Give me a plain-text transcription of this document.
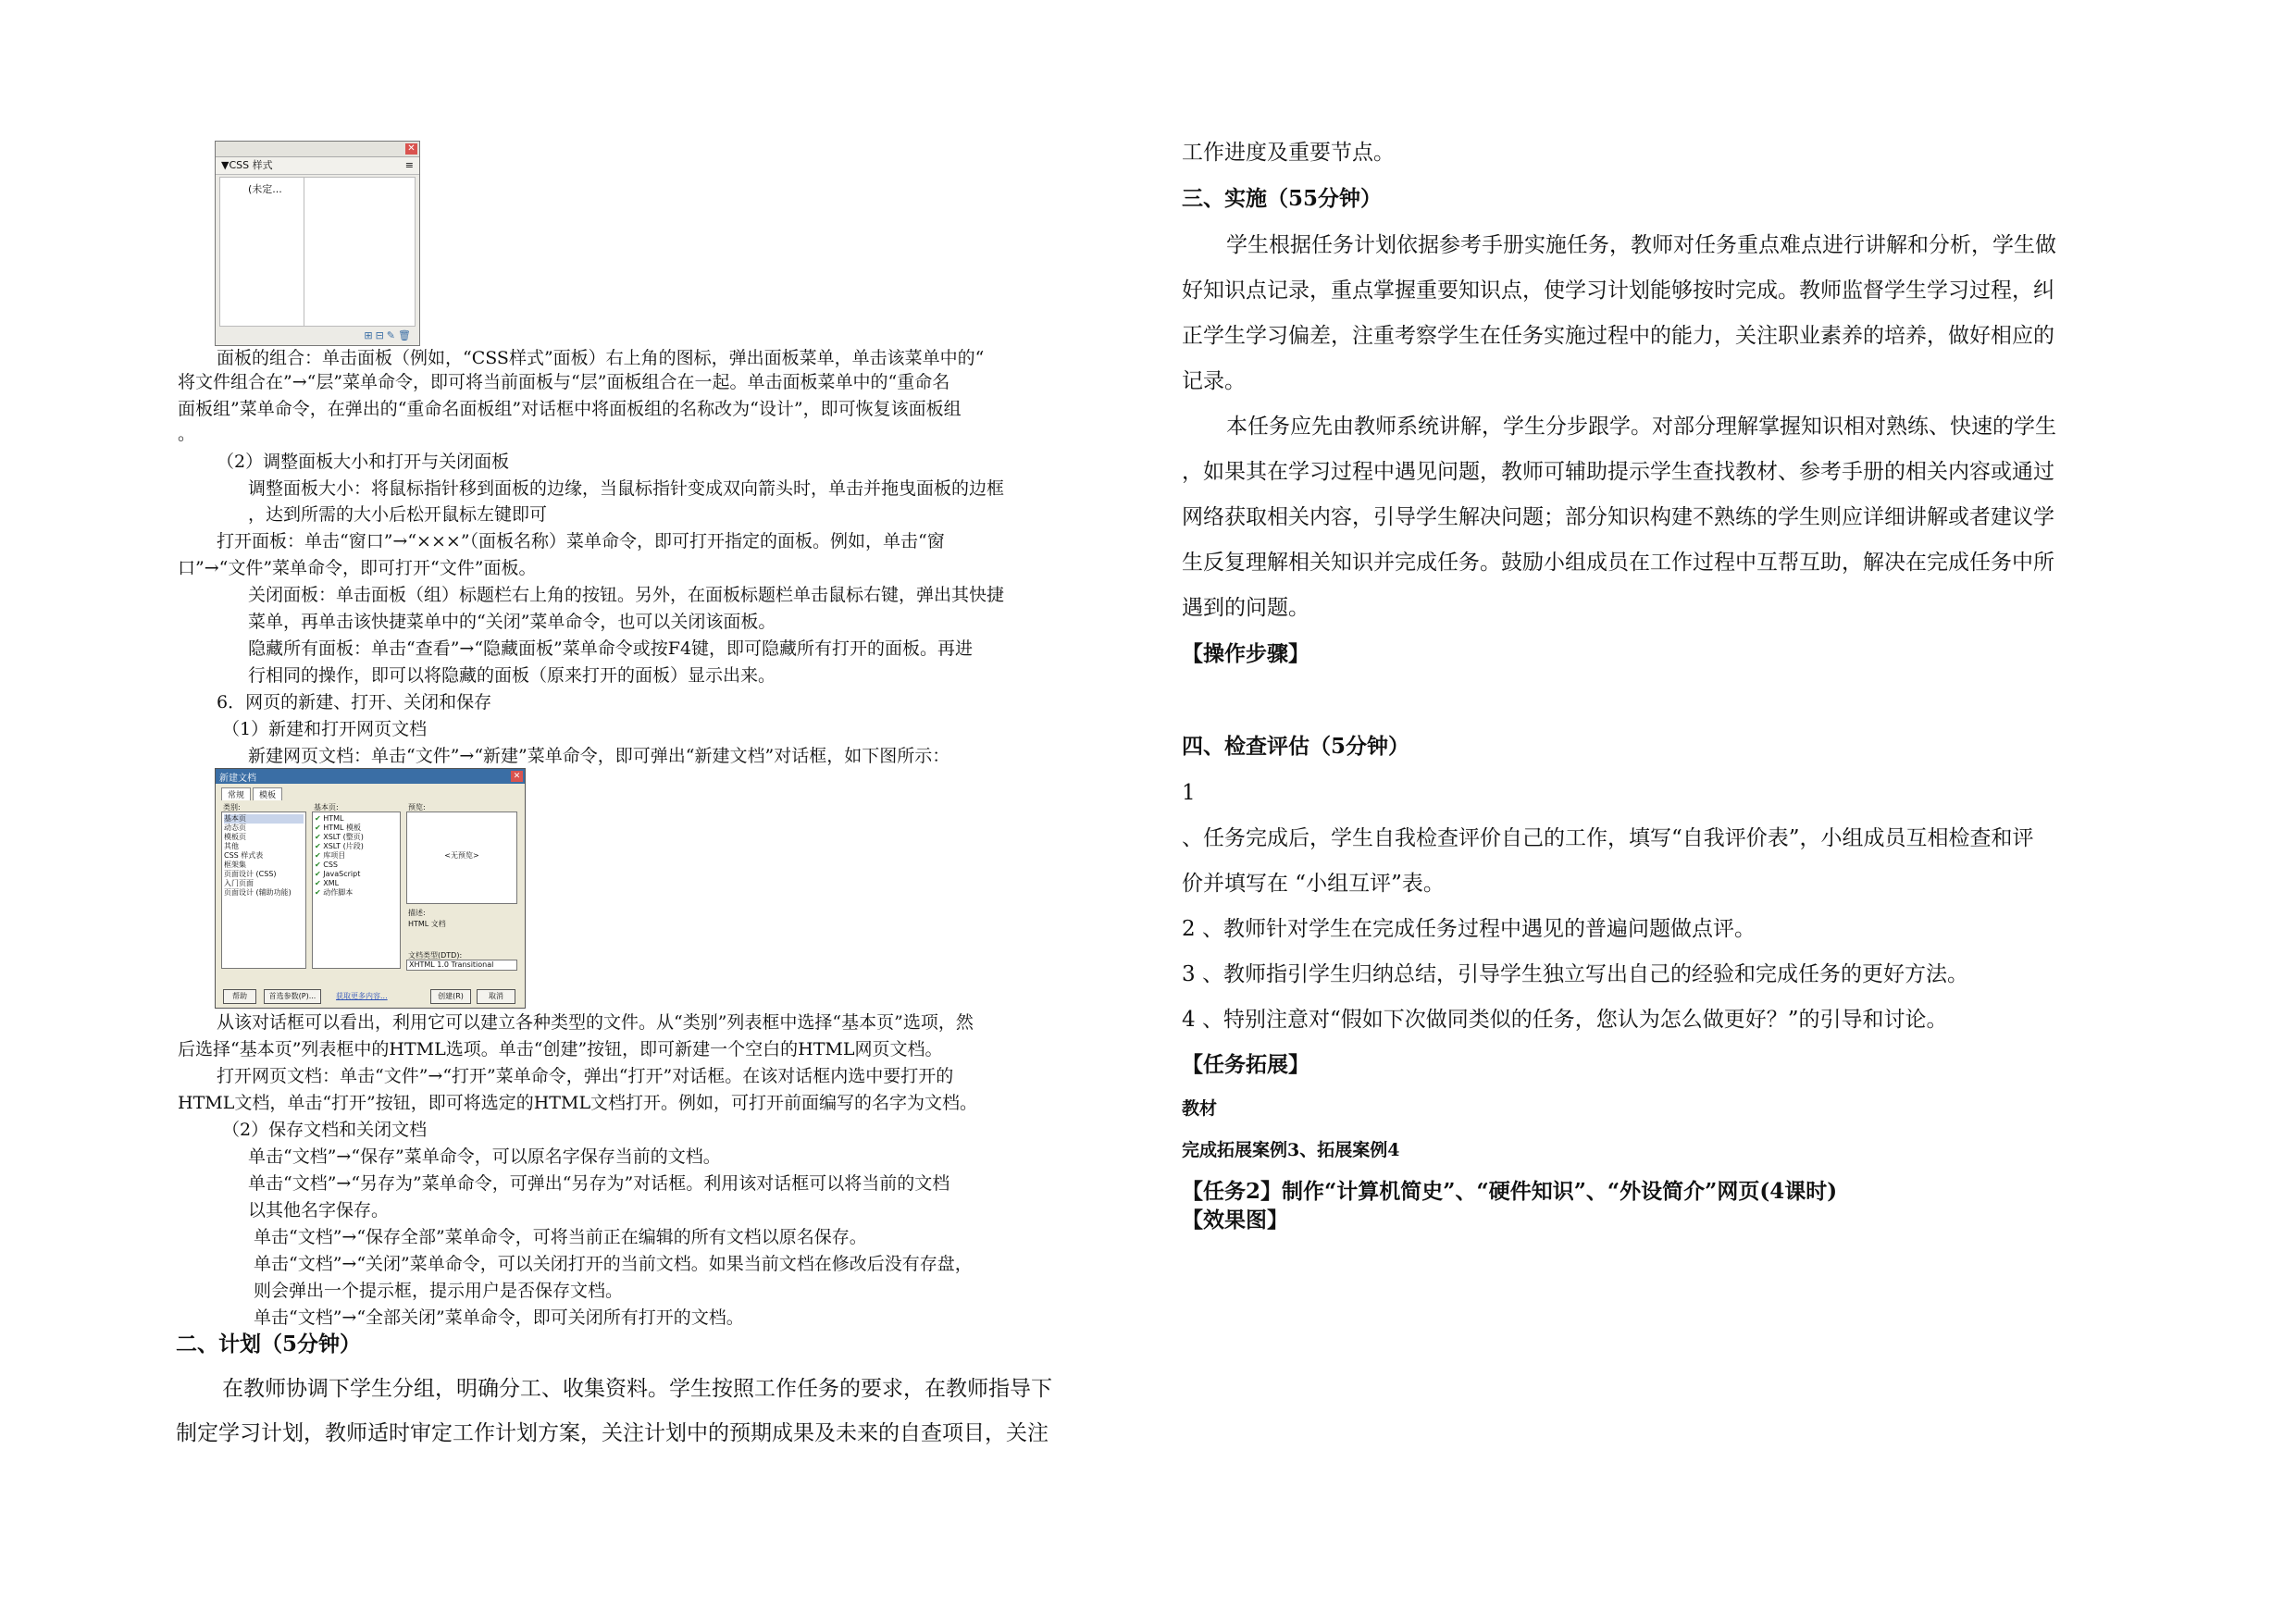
✕
▼CSS 样式	≡
(未定...
⊞⊟✎🗑
面板的组合：单击面板（例如，“CSS样式”面板）右上角的图标，弹出面板菜单，单击该菜单中的“
将文件组合在”→“层”菜单命令，即可将当前面板与“层”面板组合在一起。单击面板菜单中的“重命名
面板组”菜单命令，在弹出的“重命名面板组”对话框中将面板组的名称改为“设计”，即可恢复该面板组
。
（2）调整面板大小和打开与关闭面板
调整面板大小：将鼠标指针移到面板的边缘，当鼠标指针变成双向箭头时，单击并拖曳面板的边框
，达到所需的大小后松开鼠标左键即可
打开面板：单击“窗口”→“×××”（面板名称）菜单命令，即可打开指定的面板。例如，单击“窗
口”→“文件”菜单命令，即可打开“文件”面板。
关闭面板：单击面板（组）标题栏右上角的按钮。另外，在面板标题栏单击鼠标右键，弹出其快捷
菜单，再单击该快捷菜单中的“关闭”菜单命令，也可以关闭该面板。
隐藏所有面板：单击“查看”→“隐藏面板”菜单命令或按F4键，即可隐藏所有打开的面板。再进
行相同的操作，即可以将隐藏的面板（原来打开的面板）显示出来。
6．网页的新建、打开、关闭和保存
（1）新建和打开网页文档
新建网页文档：单击“文件”→“新建”菜单命令，即可弹出“新建文档”对话框，如下图所示：
新建文档	✕
常规 模板
类别:
基本页
动态页
模板页
其他
CSS 样式表
框架集
页面设计 (CSS)
入门页面
页面设计 (辅助功能)
基本页:
✔ HTML
✔ HTML 模板
✔ XSLT (整页)
✔ XSLT (片段)
✔ 库项目
✔ CSS
✔ JavaScript
✔ XML
✔ 动作脚本
预览:
<无预览>
描述:
HTML 文档
文档类型(DTD):
XHTML 1.0 Transitional
帮助	首选参数(P)...	获取更多内容...	创建(R)	取消
从该对话框可以看出，利用它可以建立各种类型的文件。从“类别”列表框中选择“基本页”选项，然
后选择“基本页”列表框中的HTML选项。单击“创建”按钮，即可新建一个空白的HTML网页文档。
打开网页文档：单击“文件”→“打开”菜单命令，弹出“打开”对话框。在该对话框内选中要打开的
HTML文档，单击“打开”按钮，即可将选定的HTML文档打开。例如，可打开前面编写的名字为文档。
（2）保存文档和关闭文档
单击“文档”→“保存”菜单命令，可以原名字保存当前的文档。
单击“文档”→“另存为”菜单命令，可弹出“另存为”对话框。利用该对话框可以将当前的文档
以其他名字保存。
单击“文档”→“保存全部”菜单命令，可将当前正在编辑的所有文档以原名保存。
单击“文档”→“关闭”菜单命令，可以关闭打开的当前文档。如果当前文档在修改后没有存盘，
则会弹出一个提示框，提示用户是否保存文档。
单击“文档”→“全部关闭”菜单命令，即可关闭所有打开的文档。
二、计划（5分钟）
在教师协调下学生分组，明确分工、收集资料。学生按照工作任务的要求，在教师指导下
制定学习计划，教师适时审定工作计划方案，关注计划中的预期成果及未来的自查项目，关注
工作进度及重要节点。
三、实施（55分钟）
学生根据任务计划依据参考手册实施任务，教师对任务重点难点进行讲解和分析，学生做
好知识点记录，重点掌握重要知识点，使学习计划能够按时完成。教师监督学生学习过程，纠
正学生学习偏差，注重考察学生在任务实施过程中的能力，关注职业素养的培养，做好相应的
记录。
本任务应先由教师系统讲解，学生分步跟学。对部分理解掌握知识相对熟练、快速的学生
，如果其在学习过程中遇见问题，教师可辅助提示学生查找教材、参考手册的相关内容或通过
网络获取相关内容，引导学生解决问题；部分知识构建不熟练的学生则应详细讲解或者建议学
生反复理解相关知识并完成任务。鼓励小组成员在工作过程中互帮互助，解决在完成任务中所
遇到的问题。
【操作步骤】
四、检查评估（5分钟）
1
、任务完成后，学生自我检查评价自己的工作，填写“自我评价表”，小组成员互相检查和评
价并填写在 “小组互评”表。
2 、教师针对学生在完成任务过程中遇见的普遍问题做点评。
3 、教师指引学生归纳总结，引导学生独立写出自己的经验和完成任务的更好方法。
4 、特别注意对“假如下次做同类似的任务，您认为怎么做更好？”的引导和讨论。
【任务拓展】
教材
完成拓展案例3、拓展案例4
【任务2】制作“计算机简史”、“硬件知识”、“外设简介”网页(4课时)
【效果图】
